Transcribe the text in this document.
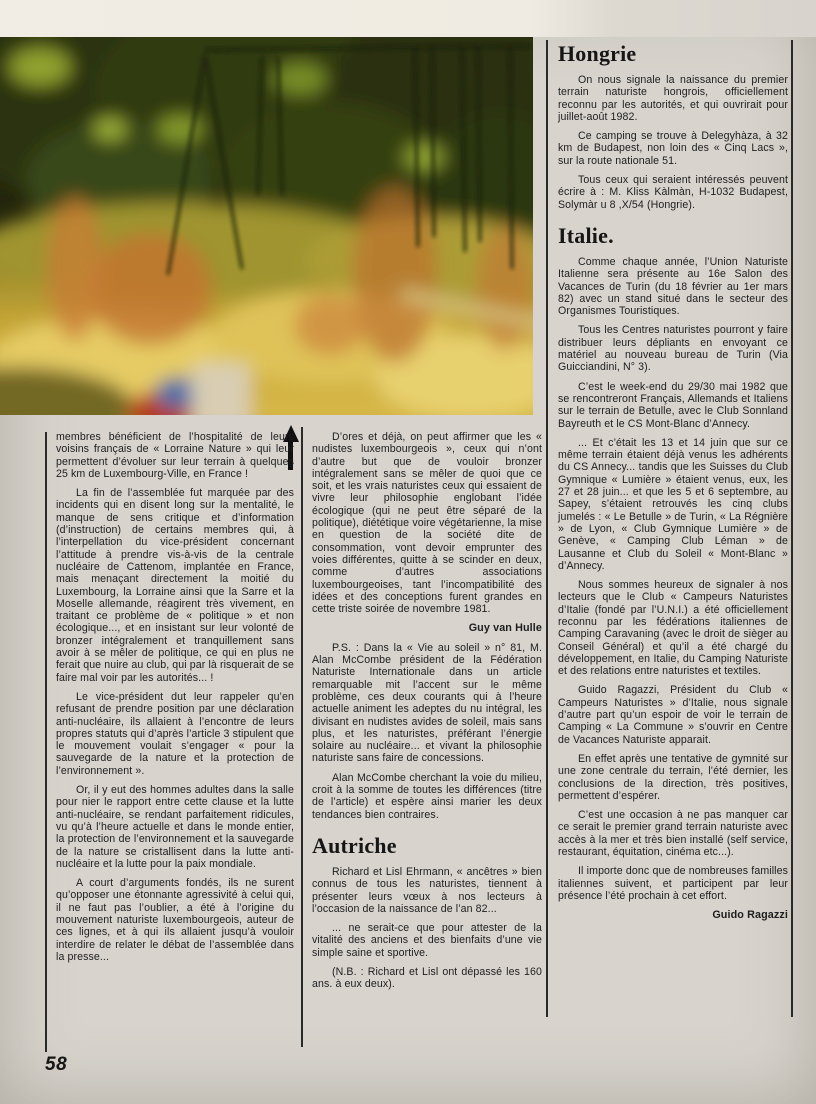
membres bénéficient de l’hospitalité de leurs voisins français de « Lorraine Nature » qui leur permettent d’évoluer sur leur terrain à quelques 25 km de Luxembourg-Ville, en France !

La fin de l’assemblée fut marquée par des incidents qui en disent long sur la mentalité, le manque de sens critique et d’information (d’instruction) de certains membres qui, à l’interpellation du vice-président concernant l’attitude à prendre vis-à-vis de la centrale nucléaire de Cattenom, implantée en France, mais menaçant directement la moitié du Luxembourg, la Lorraine ainsi que la Sarre et la Moselle allemande, réagirent très vivement, en traitant ce problème de « politique » et non écologique..., et en insistant sur leur volonté de bronzer intégralement et tranquillement sans avoir à se mêler de politique, ce qui en plus ne ferait que nuire au club, qui par là risquerait de se faire mal voir par les autorités... !

Le vice-président dut leur rappeler qu’en refusant de prendre position par une déclaration anti-nucléaire, ils allaient à l’encontre de leurs propres statuts qui d’après l’article 3 stipulent que le mouvement voulait s’engager « pour la sauvegarde de la nature et la protection de l’environnement ».

Or, il y eut des hommes adultes dans la salle pour nier le rapport entre cette clause et la lutte anti-nucléaire, se rendant parfaitement ridicules, vu qu’à l’heure actuelle et dans le monde entier, la protection de l’environnement et la sauvegarde de la nature se cristallisent dans la lutte anti-nucléaire et la lutte pour la paix mondiale.

A court d’arguments fondés, ils ne surent qu’opposer une étonnante agressivité à celui qui, il ne faut pas l’oublier, a été à l’origine du mouvement naturiste luxembourgeois, auteur de ces lignes, et à qui ils allaient jusqu’à vouloir interdire de relater le débat de l’assemblée dans la presse...

D’ores et déjà, on peut affirmer que les « nudistes luxembourgeois », ceux qui n’ont d’autre but que de vouloir bronzer intégralement sans se mêler de quoi que ce soit, et les vrais naturistes ceux qui essaient de vivre leur philosophie englobant l’idée écologique (qui ne peut être séparé de la politique), diététique voire végétarienne, la mise en question de la société dite de consommation, vont devoir emprunter des voies différentes, quitte à se scinder en deux, comme d’autres associations luxembourgeoises, tant l’incompatibilité des idées et des conceptions furent grandes en cette triste soirée de novembre 1981.

Guy van Hulle

P.S. : Dans la « Vie au soleil » n° 81, M. Alan McCombe président de la Fédération Naturiste Internationale dans un article remarquable mit l’accent sur le même problème, ces deux courants qui à l’heure actuelle animent les adeptes du nu intégral, les divisant en nudistes avides de soleil, mais sans plus, et les naturistes, préférant l’énergie solaire au nucléaire... et vivant la philosophie naturiste sans faire de concessions.

Alan McCombe cherchant la voie du milieu, croit à la somme de toutes les différences (titre de l’article) et espère ainsi marier les deux tendances bien contraires.

Autriche

Richard et Lisl Ehrmann, « ancêtres » bien connus de tous les naturistes, tiennent à présenter leurs vœux à nos lecteurs à l’occasion de la naissance de l’an 82...

... ne serait-ce que pour attester de la vitalité des anciens et des bienfaits d’une vie simple saine et sportive.

(N.B. : Richard et Lisl ont dépassé les 160 ans. à eux deux).

Hongrie

On nous signale la naissance du premier terrain naturiste hongrois, officiellement reconnu par les autorités, et qui ouvrirait pour juillet-août 1982.

Ce camping se trouve à Delegyhàza, à 32 km de Budapest, non loin des « Cinq Lacs », sur la route nationale 51.

Tous ceux qui seraient intéressés peuvent écrire à : M. Kliss Kàlmàn, H-1032 Budapest, Solymàr u 8 ,X/54 (Hongrie).

Italie.

Comme chaque année, l’Union Naturiste Italienne sera présente au 16e Salon des Vacances de Turin (du 18 février au 1er mars 82) avec un stand situé dans le secteur des Organismes Touristiques.

Tous les Centres naturistes pourront y faire distribuer leurs dépliants en envoyant ce matériel au nouveau bureau de Turin (Via Guicciandini, N° 3).

C’est le week-end du 29/30 mai 1982 que se rencontreront Français, Allemands et Italiens sur le terrain de Betulle, avec le Club Sonnland Bayreuth et le CS Mont-Blanc d’Annecy.

... Et c’était les 13 et 14 juin que sur ce même terrain étaient déjà venus les adhérents du CS Annecy... tandis que les Suisses du Club Gymnique « Lumière » étaient venus, eux, les 27 et 28 juin... et que les 5 et 6 septembre, au Sapey, s’étaient retrouvés les cinq clubs jumelés : « Le Betulle » de Turin, « La Régnière » de Lyon, « Club Gymnique Lumière » de Genève, « Camping Club Léman » de Lausanne et Club du Soleil « Mont-Blanc » d’Annecy.

Nous sommes heureux de signaler à nos lecteurs que le Club « Campeurs Naturistes d’Italie (fondé par l’U.N.I.) a été officiellement reconnu par les fédérations italiennes de Camping Caravaning (avec le droit de sièger au Conseil Général) et qu’il a été chargé du développement, en Italie, du Camping Naturiste et des relations entre naturistes et textiles.

Guido Ragazzi, Président du Club « Campeurs Naturistes » d’Italie, nous signale d’autre part qu’un espoir de voir le terrain de Camping « La Commune » s’ouvrir en Centre de Vacances Naturiste apparait.

En effet après une tentative de gymnité sur une zone centrale du terrain, l’été dernier, les conclusions de la direction, très positives, permettent d’espérer.

C’est une occasion à ne pas manquer car ce serait le premier grand terrain naturiste avec accès à la mer et très bien installé (self service, restaurant, équitation, cinéma etc...).

Il importe donc que de nombreuses familles italiennes suivent, et participent par leur présence l’été prochain à cet effort.

Guido Ragazzi

58
